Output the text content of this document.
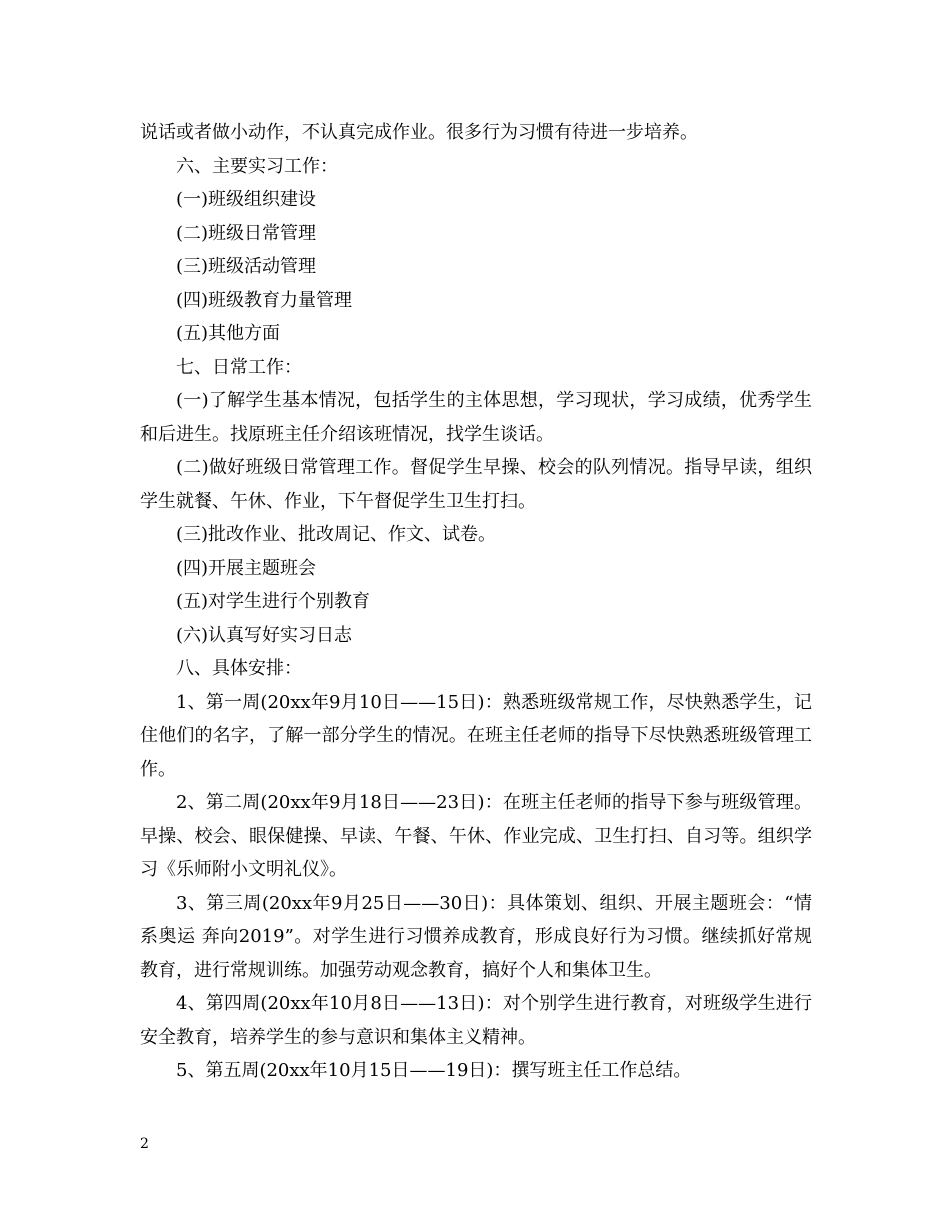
说话或者做小动作，不认真完成作业。很多行为习惯有待进一步培养。

六、主要实习工作：

(一)班级组织建设

(二)班级日常管理

(三)班级活动管理

(四)班级教育力量管理

(五)其他方面

七、日常工作：

(一)了解学生基本情况，包括学生的主体思想，学习现状，学习成绩，优秀学生和后进生。找原班主任介绍该班情况，找学生谈话。

(二)做好班级日常管理工作。督促学生早操、校会的队列情况。指导早读，组织学生就餐、午休、作业，下午督促学生卫生打扫。

(三)批改作业、批改周记、作文、试卷。

(四)开展主题班会

(五)对学生进行个别教育

(六)认真写好实习日志

八、具体安排：

1、第一周(20xx年9月10日——15日)：熟悉班级常规工作，尽快熟悉学生，记住他们的名字，了解一部分学生的情况。在班主任老师的指导下尽快熟悉班级管理工作。

2、第二周(20xx年9月18日——23日)：在班主任老师的指导下参与班级管理。早操、校会、眼保健操、早读、午餐、午休、作业完成、卫生打扫、自习等。组织学习《乐师附小文明礼仪》。

3、第三周(20xx年9月25日——30日)：具体策划、组织、开展主题班会：“情系奥运 奔向2019”。对学生进行习惯养成教育，形成良好行为习惯。继续抓好常规教育，进行常规训练。加强劳动观念教育，搞好个人和集体卫生。

4、第四周(20xx年10月8日——13日)：对个别学生进行教育，对班级学生进行安全教育，培养学生的参与意识和集体主义精神。

5、第五周(20xx年10月15日——19日)：撰写班主任工作总结。

2
